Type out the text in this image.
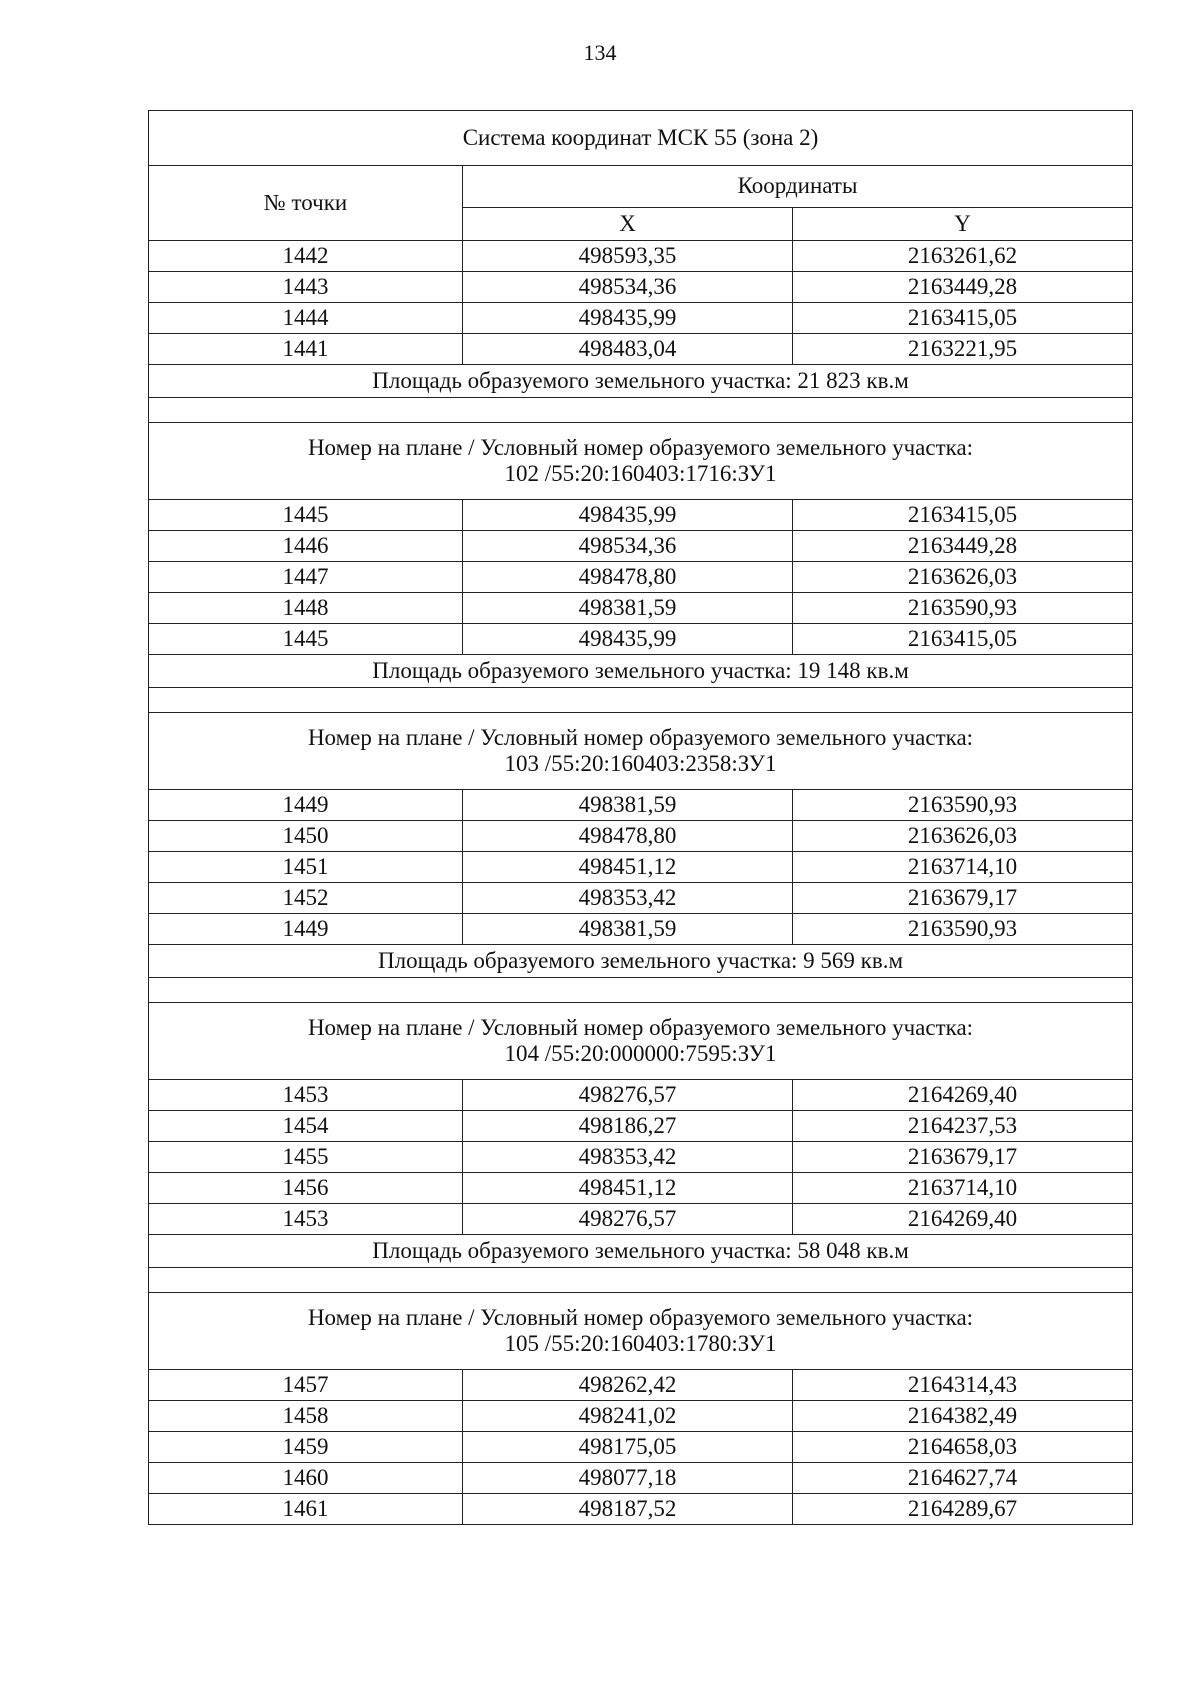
134
Система координат МСК 55 (зона 2)		
№ точки	Координаты	
	X	Y
1442	498593,35	2163261,62
1443	498534,36	2163449,28
1444	498435,99	2163415,05
1441	498483,04	2163221,95
Площадь образуемого земельного участка: 21 823 кв.м		

Номер на плане / Условный номер образуемого земельного участка:
102 /55:20:160403:1716:ЗУ1		

1445	498435,99	2163415,05
1446	498534,36	2163449,28
1447	498478,80	2163626,03
1448	498381,59	2163590,93
1445	498435,99	2163415,05
Площадь образуемого земельного участка: 19 148 кв.м		

Номер на плане / Условный номер образуемого земельного участка:
103 /55:20:160403:2358:ЗУ1		

1449	498381,59	2163590,93
1450	498478,80	2163626,03
1451	498451,12	2163714,10
1452	498353,42	2163679,17
1449	498381,59	2163590,93
Площадь образуемого земельного участка: 9 569 кв.м		

Номер на плане / Условный номер образуемого земельного участка:
104 /55:20:000000:7595:ЗУ1		

1453	498276,57	2164269,40
1454	498186,27	2164237,53
1455	498353,42	2163679,17
1456	498451,12	2163714,10
1453	498276,57	2164269,40
Площадь образуемого земельного участка: 58 048 кв.м		

Номер на плане / Условный номер образуемого земельного участка:
105 /55:20:160403:1780:ЗУ1		

1457	498262,42	2164314,43
1458	498241,02	2164382,49
1459	498175,05	2164658,03
1460	498077,18	2164627,74
1461	498187,52	2164289,67
